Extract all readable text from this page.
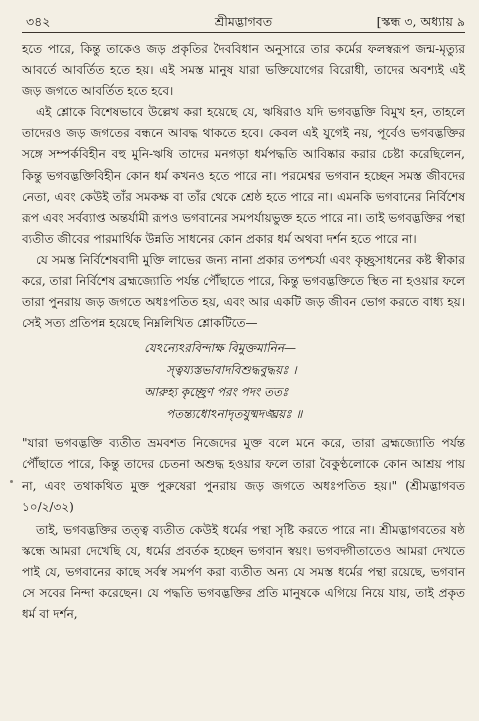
৩৪২	শ্রীমদ্ভাগবত	[স্কন্ধ ৩, অধ্যায় ৯

হতে পারে, কিন্তু তাকেও জড় প্রকৃতির দৈববিধান অনুসারে তার কর্মের ফলস্বরূপ জন্ম-মৃত্যুর আবর্তে আবর্তিত হতে হয়। এই সমস্ত মানুষ যারা ভক্তিযোগের বিরোধী, তাদের অবশ্যই এই জড় জগতে আবর্তিত হতে হবে।

এই শ্লোকে বিশেষভাবে উল্লেখ করা হয়েছে যে, ঋষিরাও যদি ভগবদ্ভক্তি বিমুখ হন, তাহলে তাদেরও জড় জগতের বন্ধনে আবদ্ধ থাকতে হবে। কেবল এই যুগেই নয়, পূর্বেও ভগবদ্ভক্তির সঙ্গে সম্পর্কবিহীন বহু মুনি-ঋষি তাদের মনগড়া ধর্মপদ্ধতি আবিষ্কার করার চেষ্টা করেছিলেন, কিন্তু ভগবদ্ভক্তিবিহীন কোন ধর্ম কখনও হতে পারে না। পরমেশ্বর ভগবান হচ্ছেন সমস্ত জীবদের নেতা, এবং কেউই তাঁর সমকক্ষ বা তাঁর থেকে শ্রেষ্ঠ হতে পারে না। এমনকি ভগবানের নির্বিশেষ রূপ এবং সর্বব্যাপ্ত অন্তর্যামী রূপও ভগবানের সমপর্যায়ভুক্ত হতে পারে না। তাই ভগবদ্ভক্তির পন্থা ব্যতীত জীবের পারমার্থিক উন্নতি সাধনের কোন প্রকার ধর্ম অথবা দর্শন হতে পারে না।

যে সমস্ত নির্বিশেষবাদী মুক্তি লাভের জন্য নানা প্রকার তপশ্চর্যা এবং কৃচ্ছ্রসাধনের কষ্ট স্বীকার করে, তারা নির্বিশেষ ব্রহ্মজ্যোতি পর্যন্ত পৌঁছাতে পারে, কিন্তু ভগবদ্ভক্তিতে স্থিত না হওয়ার ফলে তারা পুনরায় জড় জগতে অধঃপতিত হয়, এবং আর একটি জড় জীবন ভোগ করতে বাধ্য হয়। সেই সত্য প্রতিপন্ন হয়েছে নিম্নলিখিত শ্লোকটিতে—

যেঽন্যেঽরবিন্দাক্ষ বিমুক্তমানিন—
স্ত্বয্যস্তভাবাদবিশুদ্ধবুদ্ধয়ঃ ।
আরুহ্য কৃচ্ছ্রেণ পরং পদং ততঃ
পতন্ত্যধোঽনাদৃতযুষ্মদঙ্ঘ্রয়ঃ ॥

"যারা ভগবদ্ভক্তি ব্যতীত ভ্রমবশত নিজেদের মুক্ত বলে মনে করে, তারা ব্রহ্মজ্যোতি পর্যন্ত পৌঁছাতে পারে, কিন্তু তাদের চেতনা অশুদ্ধ হওয়ার ফলে তারা বৈকুণ্ঠলোকে কোন আশ্রয় পায় না, এবং তথাকথিত মুক্ত পুরুষেরা পুনরায় জড় জগতে অধঃপতিত হয়।" (শ্রীমদ্ভাগবত ১০/২/৩২)

তাই, ভগবদ্ভক্তির তত্ত্ব ব্যতীত কেউই ধর্মের পন্থা সৃষ্টি করতে পারে না। শ্রীমদ্ভাগবতের ষষ্ঠ স্কন্ধে আমরা দেখেছি যে, ধর্মের প্রবর্তক হচ্ছেন ভগবান স্বয়ং। ভগবদ্গীতাতেও আমরা দেখতে পাই যে, ভগবানের কাছে সর্বস্ব সমর্পণ করা ব্যতীত অন্য যে সমস্ত ধর্মের পন্থা রয়েছে, ভগবান সে সবের নিন্দা করেছেন। যে পদ্ধতি ভগবদ্ভক্তির প্রতি মানুষকে এগিয়ে নিয়ে যায়, তাই প্রকৃত ধর্ম বা দর্শন,
